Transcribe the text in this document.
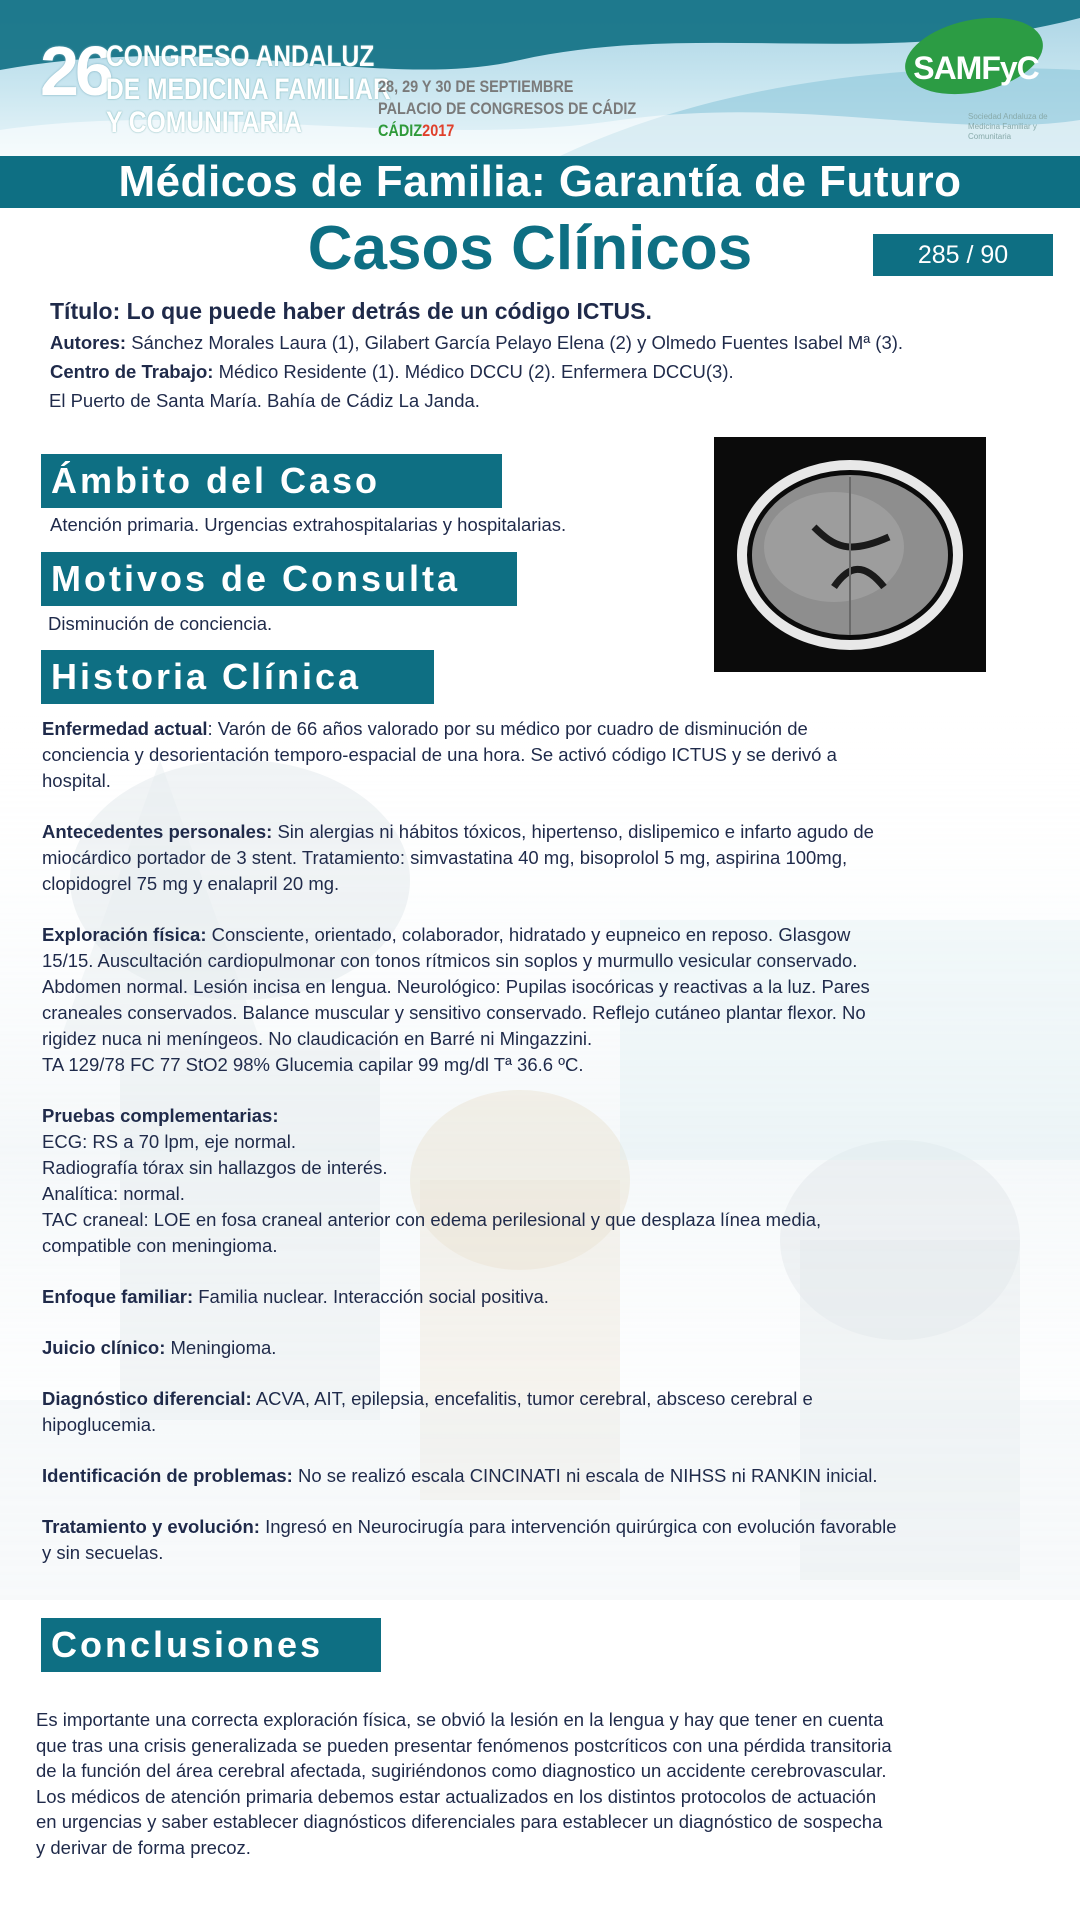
26
CONGRESO ANDALUZ
DE MEDICINA FAMILIAR
Y COMUNITARIA
28, 29 Y 30 DE SEPTIEMBRE
PALACIO DE CONGRESOS DE CÁDIZ
CÁDIZ2017
SAMFyC
Sociedad Andaluza de Medicina Familiar y Comunitaria
Médicos de Familia: Garantía de Futuro
Casos Clínicos	285 / 90
Título: Lo que puede haber detrás de un código ICTUS.
Autores: Sánchez Morales Laura (1), Gilabert García Pelayo Elena (2) y Olmedo Fuentes Isabel Mª (3).
Centro de Trabajo: Médico Residente (1). Médico DCCU (2). Enfermera DCCU(3).
El Puerto de Santa María. Bahía de Cádiz La Janda.
Ámbito del Caso
Atención primaria. Urgencias extrahospitalarias y hospitalarias.
Motivos de Consulta
Disminución de conciencia.
Historia Clínica
Enfermedad actual: Varón de 66 años valorado por su médico por cuadro de disminución de
conciencia y desorientación temporo-espacial de una hora. Se activó código ICTUS y se derivó a
hospital.
Antecedentes personales: Sin alergias ni hábitos tóxicos, hipertenso, dislipemico e infarto agudo de
miocárdico portador de 3 stent. Tratamiento: simvastatina 40 mg, bisoprolol 5 mg, aspirina 100mg,
clopidogrel 75 mg y enalapril 20 mg.
Exploración física: Consciente, orientado, colaborador, hidratado y eupneico en reposo. Glasgow
15/15. Auscultación cardiopulmonar con tonos rítmicos sin soplos y murmullo vesicular conservado.
Abdomen normal. Lesión incisa en lengua. Neurológico: Pupilas isocóricas y reactivas a la luz. Pares
craneales conservados. Balance muscular y sensitivo conservado. Reflejo cutáneo plantar flexor. No
rigidez nuca ni meníngeos. No claudicación en Barré ni Mingazzini.
TA 129/78 FC 77 StO2 98% Glucemia capilar 99 mg/dl Tª 36.6 ºC.
Pruebas complementarias:
ECG: RS a 70 lpm, eje normal.
Radiografía tórax sin hallazgos de interés.
Analítica: normal.
TAC craneal: LOE en fosa craneal anterior con edema perilesional y que desplaza línea media,
compatible con meningioma.
Enfoque familiar: Familia nuclear. Interacción social positiva.
Juicio clínico: Meningioma.
Diagnóstico diferencial: ACVA, AIT, epilepsia, encefalitis, tumor cerebral, absceso cerebral e
hipoglucemia.
Identificación de problemas: No se realizó escala CINCINATI ni escala de NIHSS ni RANKIN inicial.
Tratamiento y evolución: Ingresó en Neurocirugía para intervención quirúrgica con evolución favorable
y sin secuelas.
Conclusiones
Es importante una correcta exploración física, se obvió la lesión en la lengua y hay que tener en cuenta
que tras una crisis generalizada se pueden presentar fenómenos postcríticos con una pérdida transitoria
de la función del área cerebral afectada, sugiriéndonos como diagnostico un accidente cerebrovascular.
Los médicos de atención primaria debemos estar actualizados en los distintos protocolos de actuación
en urgencias y saber establecer diagnósticos diferenciales para establecer un diagnóstico de sospecha
y derivar de forma precoz.
